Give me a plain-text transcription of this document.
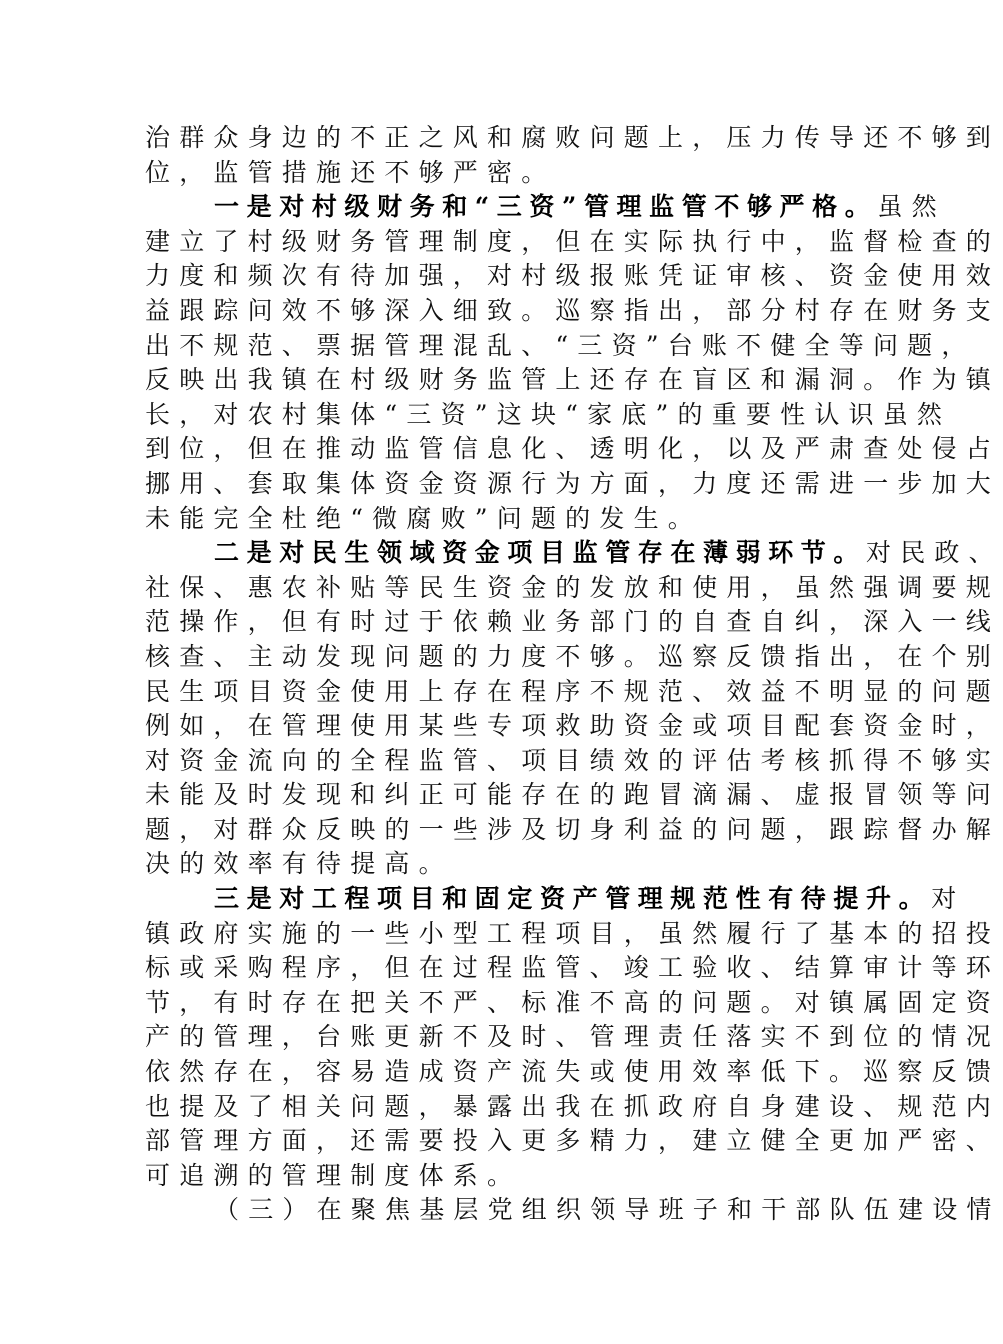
治群众身边的不正之风和腐败问题上，压力传导还不够到
位，监管措施还不够严密。
一是对村级财务和“三资”管理监管不够严格。虽然
建立了村级财务管理制度，但在实际执行中，监督检查的
力度和频次有待加强，对村级报账凭证审核、资金使用效
益跟踪问效不够深入细致。巡察指出，部分村存在财务支
出不规范、票据管理混乱、“三资”台账不健全等问题，
反映出我镇在村级财务监管上还存在盲区和漏洞。作为镇
长，对农村集体“三资”这块“家底”的重要性认识虽然
到位，但在推动监管信息化、透明化，以及严肃查处侵占
挪用、套取集体资金资源行为方面，力度还需进一步加大
未能完全杜绝“微腐败”问题的发生。
二是对民生领域资金项目监管存在薄弱环节。对民政、
社保、惠农补贴等民生资金的发放和使用，虽然强调要规
范操作，但有时过于依赖业务部门的自查自纠，深入一线
核查、主动发现问题的力度不够。巡察反馈指出，在个别
民生项目资金使用上存在程序不规范、效益不明显的问题
例如，在管理使用某些专项救助资金或项目配套资金时，
对资金流向的全程监管、项目绩效的评估考核抓得不够实
未能及时发现和纠正可能存在的跑冒滴漏、虚报冒领等问
题，对群众反映的一些涉及切身利益的问题，跟踪督办解
决的效率有待提高。
三是对工程项目和固定资产管理规范性有待提升。对
镇政府实施的一些小型工程项目，虽然履行了基本的招投
标或采购程序，但在过程监管、竣工验收、结算审计等环
节，有时存在把关不严、标准不高的问题。对镇属固定资
产的管理，台账更新不及时、管理责任落实不到位的情况
依然存在，容易造成资产流失或使用效率低下。巡察反馈
也提及了相关问题，暴露出我在抓政府自身建设、规范内
部管理方面，还需要投入更多精力，建立健全更加严密、
可追溯的管理制度体系。
（三）在聚焦基层党组织领导班子和干部队伍建设情
